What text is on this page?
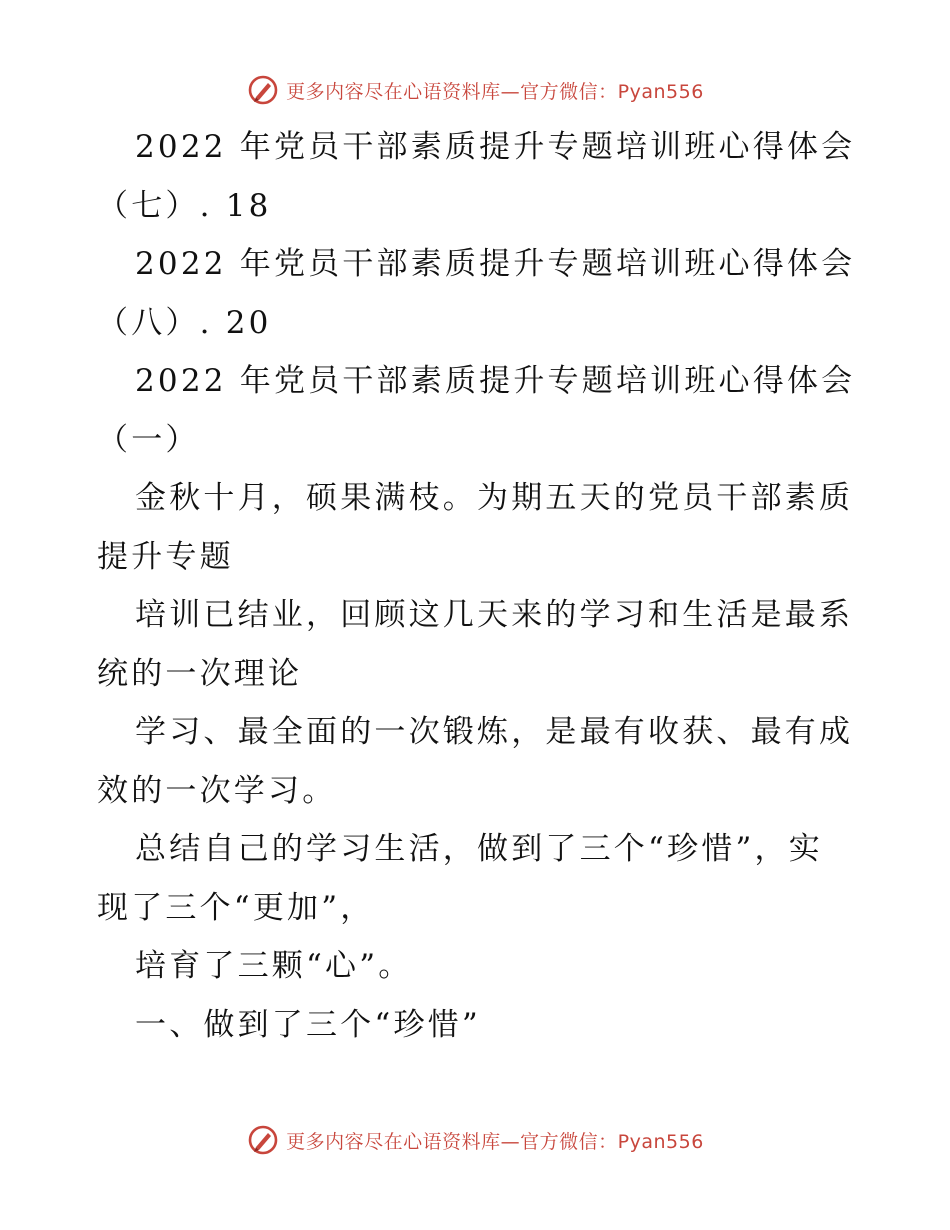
更多内容尽在心语资料库—官方微信：Pyan556
2022 年党员干部素质提升专题培训班心得体会
（七）. 18
2022 年党员干部素质提升专题培训班心得体会
（八）. 20
2022 年党员干部素质提升专题培训班心得体会
（一）
金秋十月，硕果满枝。为期五天的党员干部素质
提升专题
培训已结业，回顾这几天来的学习和生活是最系
统的一次理论
学习、最全面的一次锻炼，是最有收获、最有成
效的一次学习。
总结自己的学习生活，做到了三个“珍惜”，实
现了三个“更加”，
培育了三颗“心”。
一、做到了三个“珍惜”
更多内容尽在心语资料库—官方微信：Pyan556
